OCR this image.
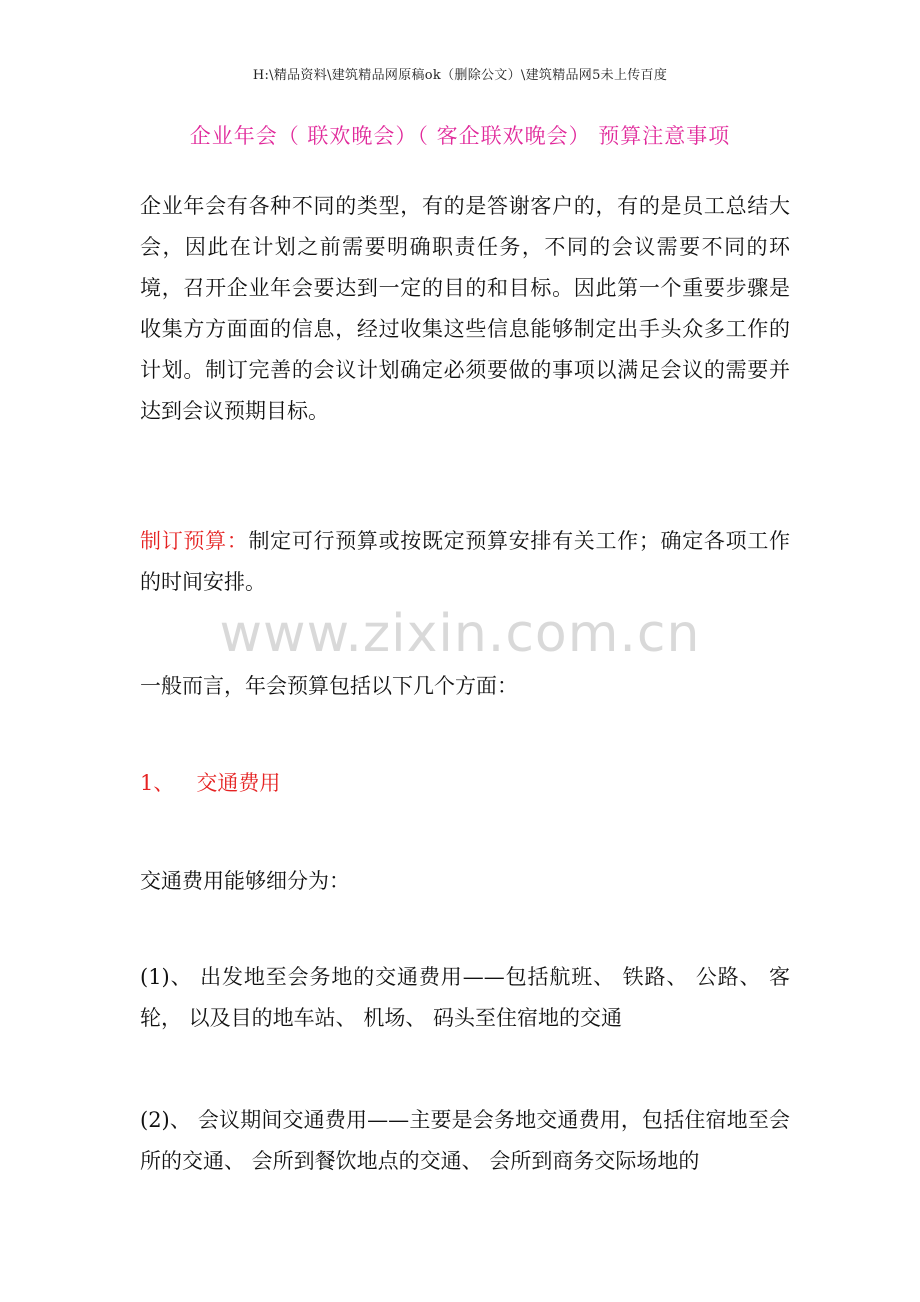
H:\精品资料\建筑精品网原稿ok（删除公文）\建筑精品网5未上传百度
企业年会（ 联欢晚会）（ 客企联欢晚会） 预算注意事项
企业年会有各种不同的类型，有的是答谢客户的，有的是员工总结大会，因此在计划之前需要明确职责任务，不同的会议需要不同的环境，召开企业年会要达到一定的目的和目标。因此第一个重要步骤是收集方方面面的信息，经过收集这些信息能够制定出手头众多工作的计划。制订完善的会议计划确定必须要做的事项以满足会议的需要并达到会议预期目标。
制订预算：制定可行预算或按既定预算安排有关工作；确定各项工作的时间安排。
www.zixin.com.cn
一般而言，年会预算包括以下几个方面：
1、 交通费用
交通费用能够细分为：
(1)、 出发地至会务地的交通费用——包括航班、 铁路、 公路、 客轮， 以及目的地车站、 机场、 码头至住宿地的交通
(2)、 会议期间交通费用——主要是会务地交通费用，包括住宿地至会所的交通、 会所到餐饮地点的交通、 会所到商务交际场地的
